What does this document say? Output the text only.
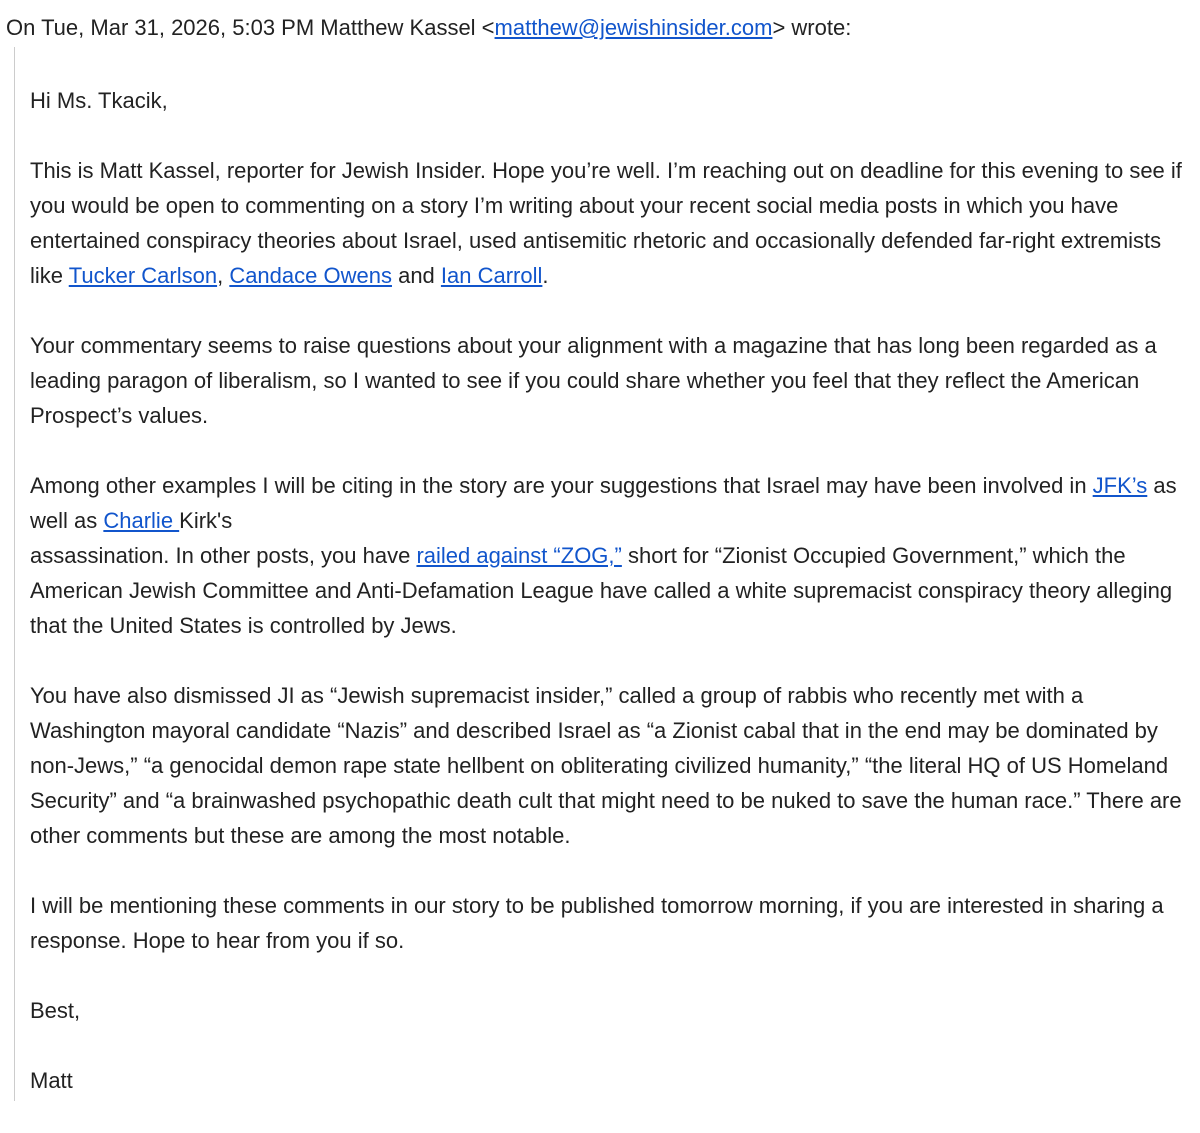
On Tue, Mar 31, 2026, 5:03 PM Matthew Kassel <matthew@jewishinsider.com> wrote:

Hi Ms. Tkacik,

This is Matt Kassel, reporter for Jewish Insider. Hope you’re well. I’m reaching out on deadline for this evening to see if you would be open to commenting on a story I’m writing about your recent social media posts in which you have entertained conspiracy theories about Israel, used antisemitic rhetoric and occasionally defended far-right extremists like Tucker Carlson, Candace Owens and Ian Carroll.

Your commentary seems to raise questions about your alignment with a magazine that has long been regarded as a leading paragon of liberalism, so I wanted to see if you could share whether you feel that they reflect the American Prospect’s values.

Among other examples I will be citing in the story are your suggestions that Israel may have been involved in JFK’s as well as Charlie Kirk's
assassination. In other posts, you have railed against “ZOG,” short for “Zionist Occupied Government,” which the American Jewish Committee and Anti-Defamation League have called a white supremacist conspiracy theory alleging that the United States is controlled by Jews.

You have also dismissed JI as “Jewish supremacist insider,” called a group of rabbis who recently met with a Washington mayoral candidate “Nazis” and described Israel as “a Zionist cabal that in the end may be dominated by non-Jews,” “a genocidal demon rape state hellbent on obliterating civilized humanity,” “the literal HQ of US Homeland Security” and “a brainwashed psychopathic death cult that might need to be nuked to save the human race.” There are other comments but these are among the most notable.

I will be mentioning these comments in our story to be published tomorrow morning, if you are interested in sharing a response. Hope to hear from you if so.

Best,

Matt
